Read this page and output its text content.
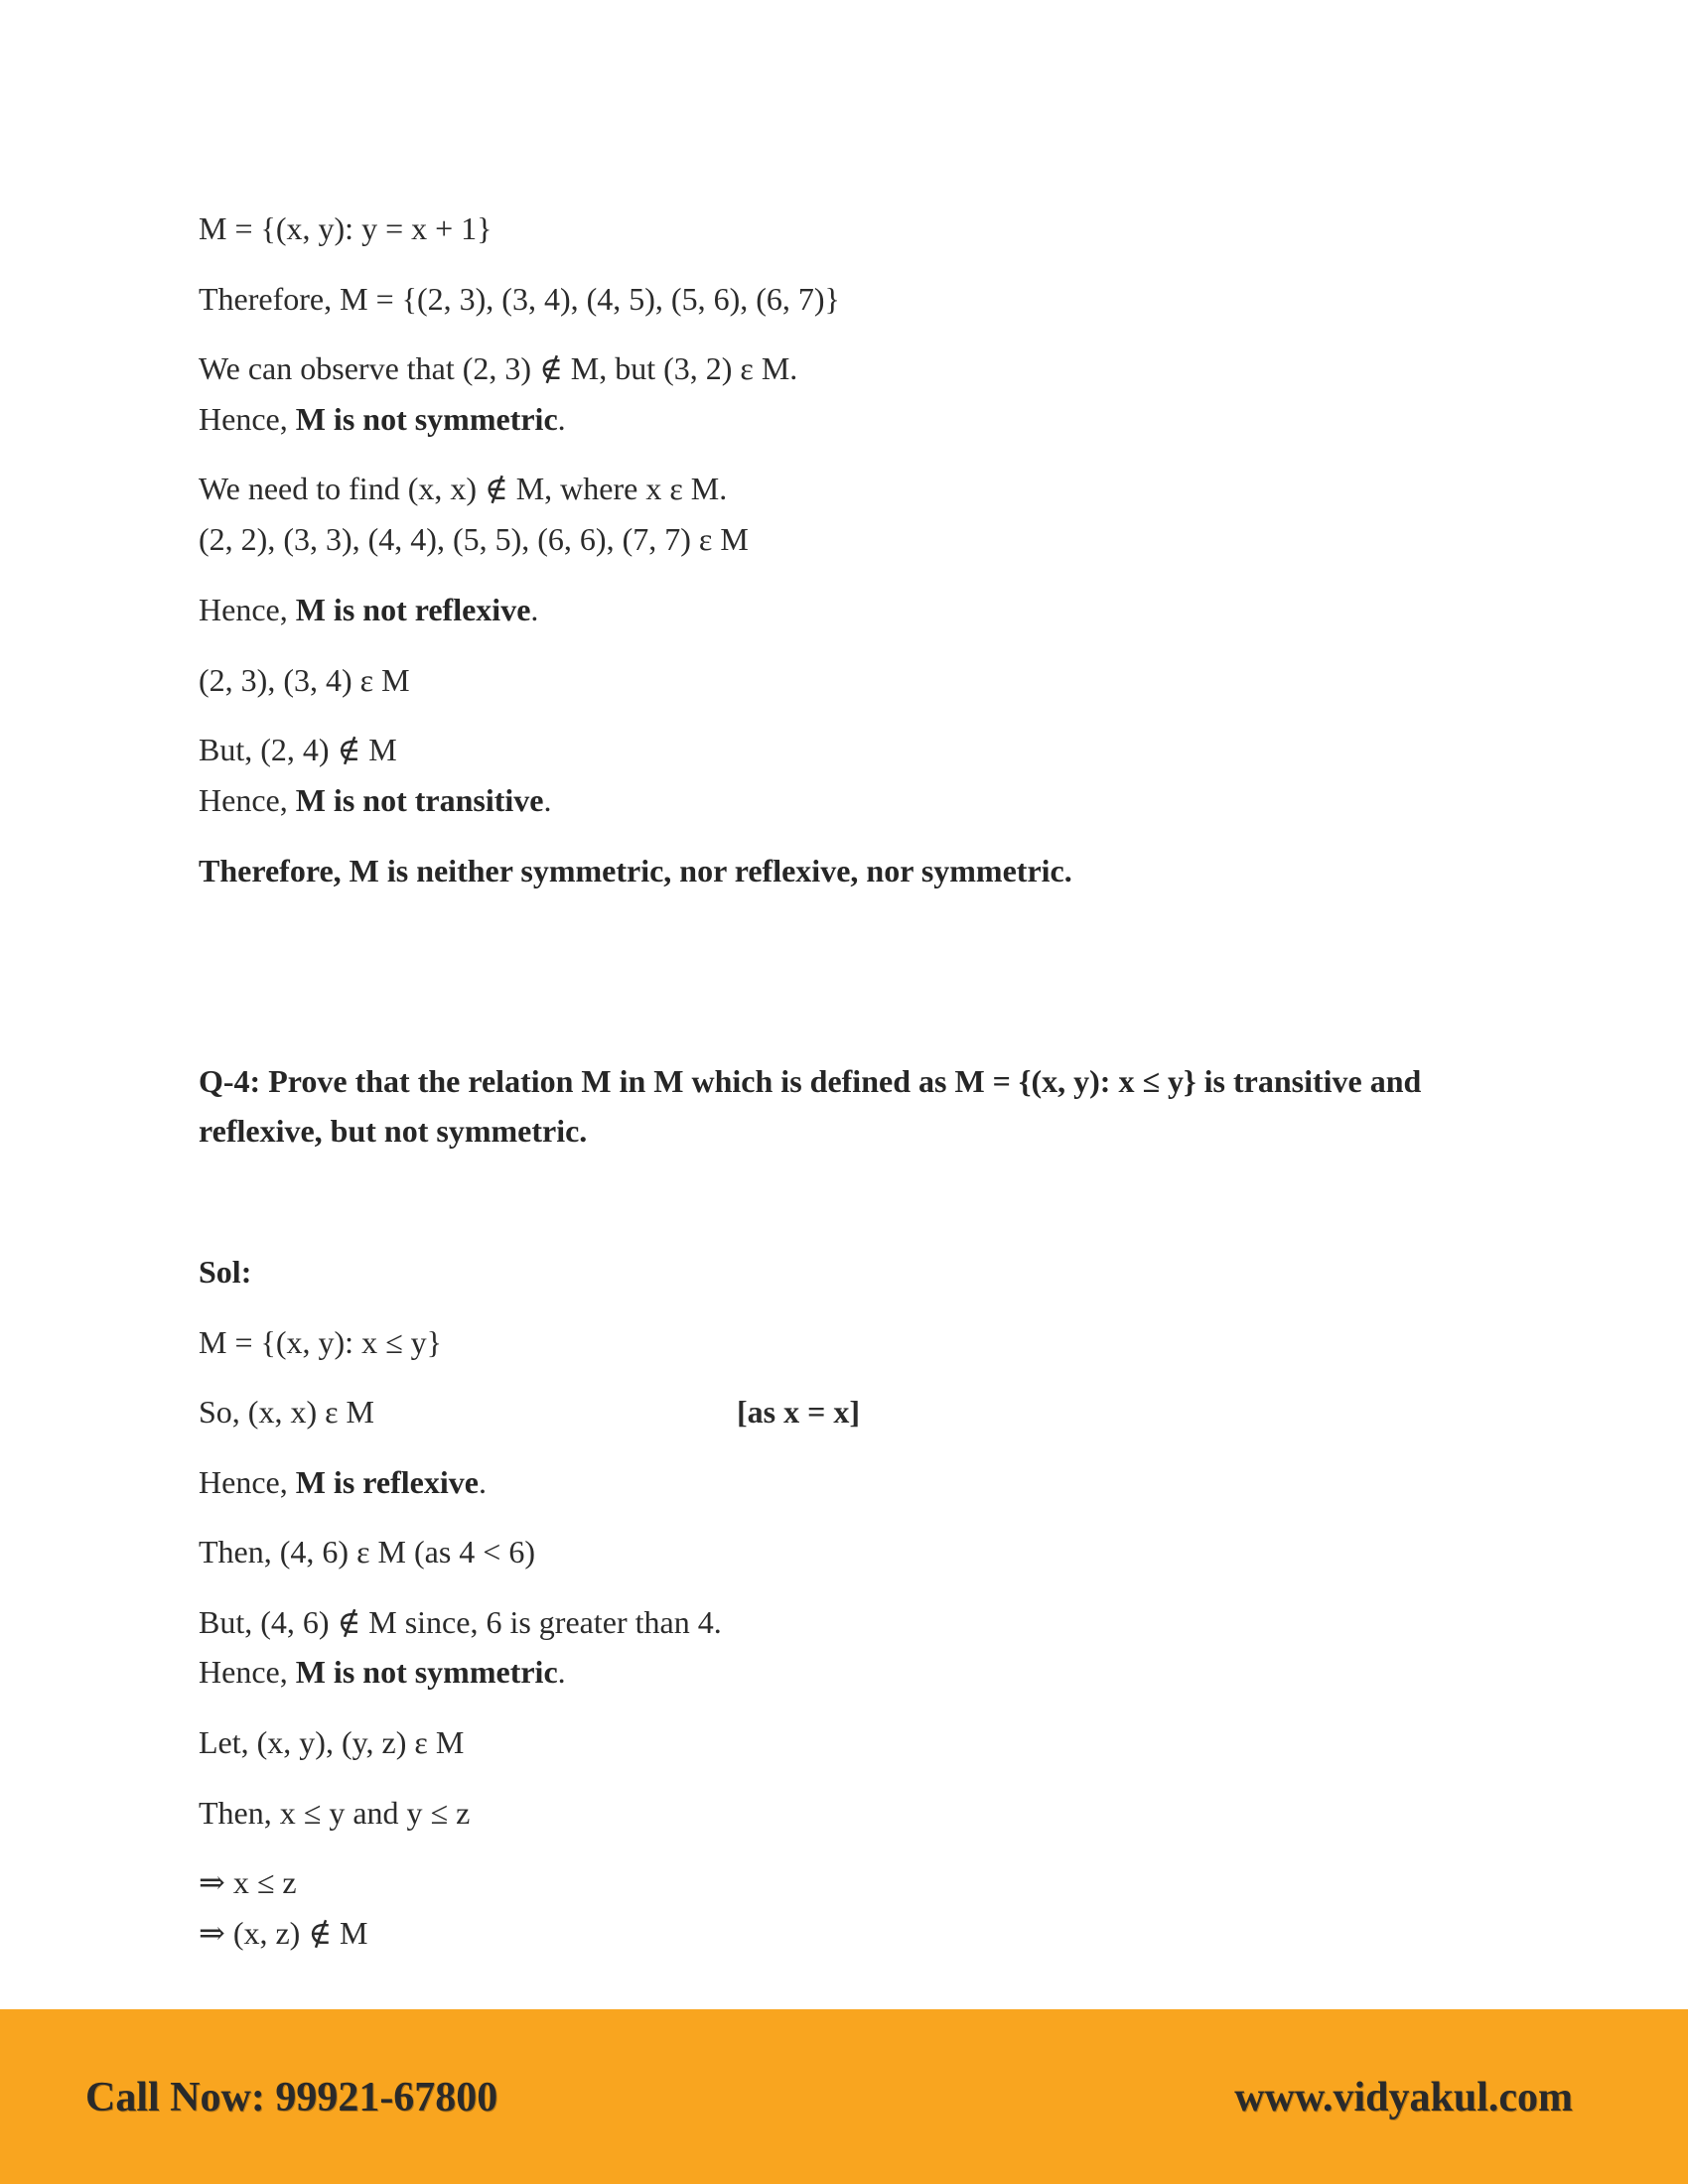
M = {(x, y): y = x + 1}
Therefore, M = {(2, 3), (3, 4), (4, 5), (5, 6), (6, 7)}
We can observe that (2, 3) ∉ M, but (3, 2) ε M.
Hence, M is not symmetric.
We need to find (x, x) ∉ M, where x ε M.
(2, 2), (3, 3), (4, 4), (5, 5), (6, 6), (7, 7) ε M
Hence, M is not reflexive.
(2, 3), (3, 4) ε M
But, (2, 4) ∉ M
Hence, M is not transitive.
Therefore, M is neither symmetric, nor reflexive, nor symmetric.
Q-4: Prove that the relation M in M which is defined as M = {(x, y): x ≤ y} is transitive and
reflexive, but not symmetric.
Sol:
M = {(x, y): x ≤ y}
So, (x, x) ε M	[as x = x]
Hence, M is reflexive.
Then, (4, 6) ε M (as 4 < 6)
But, (4, 6) ∉ M since, 6 is greater than 4.
Hence, M is not symmetric.
Let, (x, y), (y, z) ε M
Then, x ≤ y and y ≤ z
⇒ x ≤ z
⇒ (x, z) ∉ M
Call Now: 99921-67800	www.vidyakul.com
